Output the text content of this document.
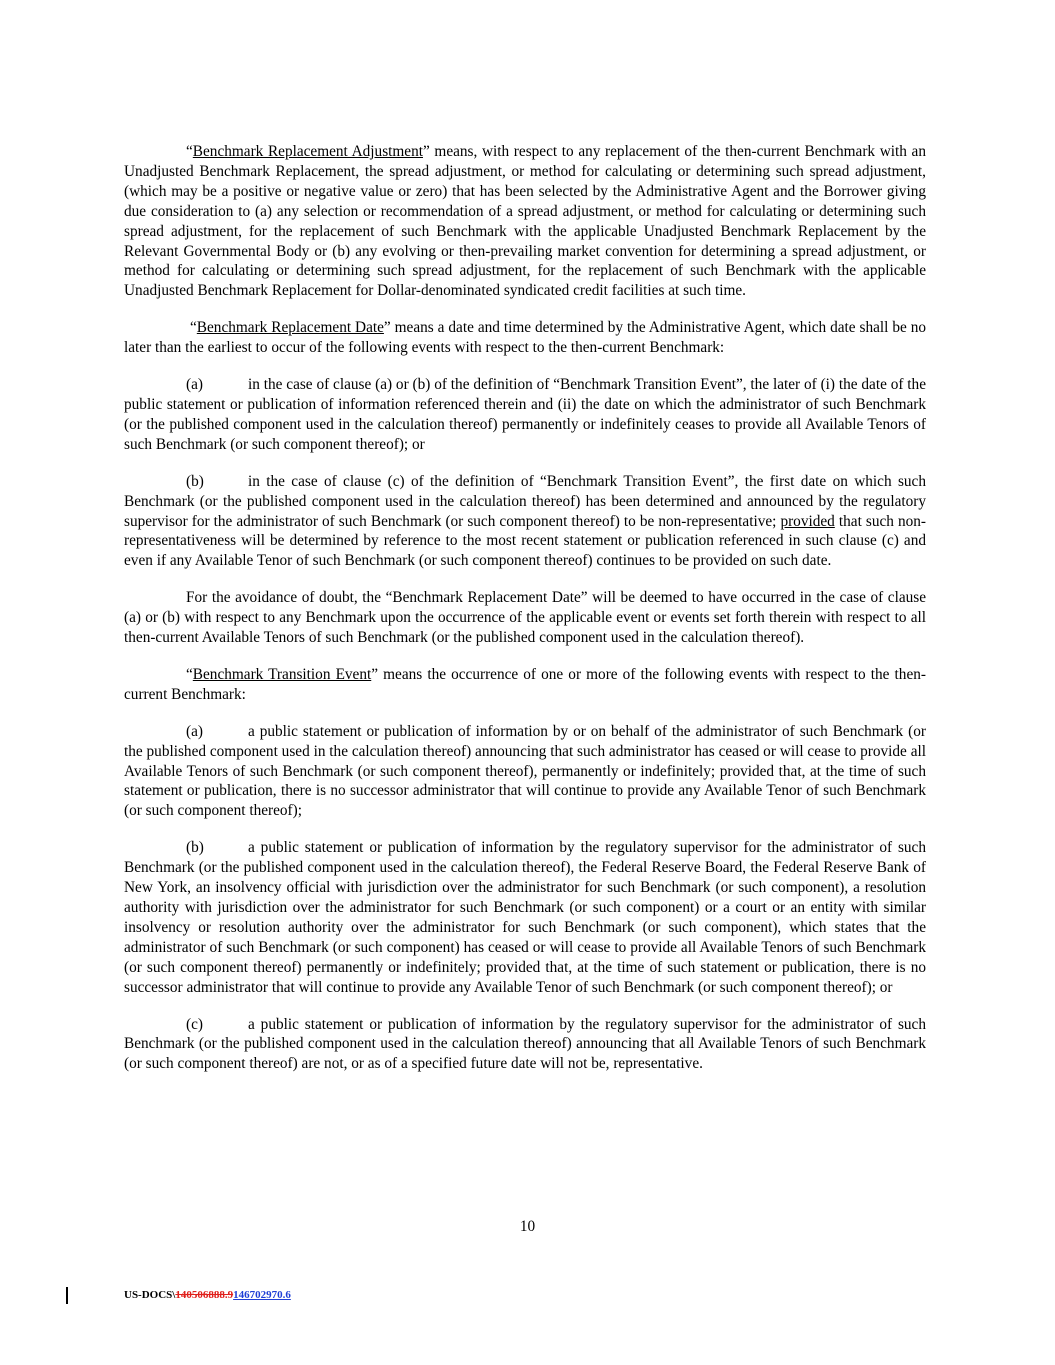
“Benchmark Replacement Adjustment” means, with respect to any replacement of the then-current Benchmark with an Unadjusted Benchmark Replacement, the spread adjustment, or method for calculating or determining such spread adjustment, (which may be a positive or negative value or zero) that has been selected by the Administrative Agent and the Borrower giving due consideration to (a) any selection or recommendation of a spread adjustment, or method for calculating or determining such spread adjustment, for the replacement of such Benchmark with the applicable Unadjusted Benchmark Replacement by the Relevant Governmental Body or (b) any evolving or then-prevailing market convention for determining a spread adjustment, or method for calculating or determining such spread adjustment, for the replacement of such Benchmark with the applicable Unadjusted Benchmark Replacement for Dollar-denominated syndicated credit facilities at such time.

“Benchmark Replacement Date” means a date and time determined by the Administrative Agent, which date shall be no later than the earliest to occur of the following events with respect to the then-current Benchmark:

(a)	in the case of clause (a) or (b) of the definition of “Benchmark Transition Event”, the later of (i) the date of the public statement or publication of information referenced therein and (ii) the date on which the administrator of such Benchmark (or the published component used in the calculation thereof) permanently or indefinitely ceases to provide all Available Tenors of such Benchmark (or such component thereof); or

(b)	in the case of clause (c) of the definition of “Benchmark Transition Event”, the first date on which such Benchmark (or the published component used in the calculation thereof) has been determined and announced by the regulatory supervisor for the administrator of such Benchmark (or such component thereof) to be non-representative; provided that such non-representativeness will be determined by reference to the most recent statement or publication referenced in such clause (c) and even if any Available Tenor of such Benchmark (or such component thereof) continues to be provided on such date.

For the avoidance of doubt, the “Benchmark Replacement Date” will be deemed to have occurred in the case of clause (a) or (b) with respect to any Benchmark upon the occurrence of the applicable event or events set forth therein with respect to all then-current Available Tenors of such Benchmark (or the published component used in the calculation thereof).

“Benchmark Transition Event” means the occurrence of one or more of the following events with respect to the then-current Benchmark:

(a)	a public statement or publication of information by or on behalf of the administrator of such Benchmark (or the published component used in the calculation thereof) announcing that such administrator has ceased or will cease to provide all Available Tenors of such Benchmark (or such component thereof), permanently or indefinitely; provided that, at the time of such statement or publication, there is no successor administrator that will continue to provide any Available Tenor of such Benchmark (or such component thereof);

(b)	a public statement or publication of information by the regulatory supervisor for the administrator of such Benchmark (or the published component used in the calculation thereof), the Federal Reserve Board, the Federal Reserve Bank of New York, an insolvency official with jurisdiction over the administrator for such Benchmark (or such component), a resolution authority with jurisdiction over the administrator for such Benchmark (or such component) or a court or an entity with similar insolvency or resolution authority over the administrator for such Benchmark (or such component), which states that the administrator of such Benchmark (or such component) has ceased or will cease to provide all Available Tenors of such Benchmark (or such component thereof) permanently or indefinitely; provided that, at the time of such statement or publication, there is no successor administrator that will continue to provide any Available Tenor of such Benchmark (or such component thereof); or

(c)	a public statement or publication of information by the regulatory supervisor for the administrator of such Benchmark (or the published component used in the calculation thereof) announcing that all Available Tenors of such Benchmark (or such component thereof) are not, or as of a specified future date will not be, representative.

10
US-DOCS\140506888.9146702970.6
